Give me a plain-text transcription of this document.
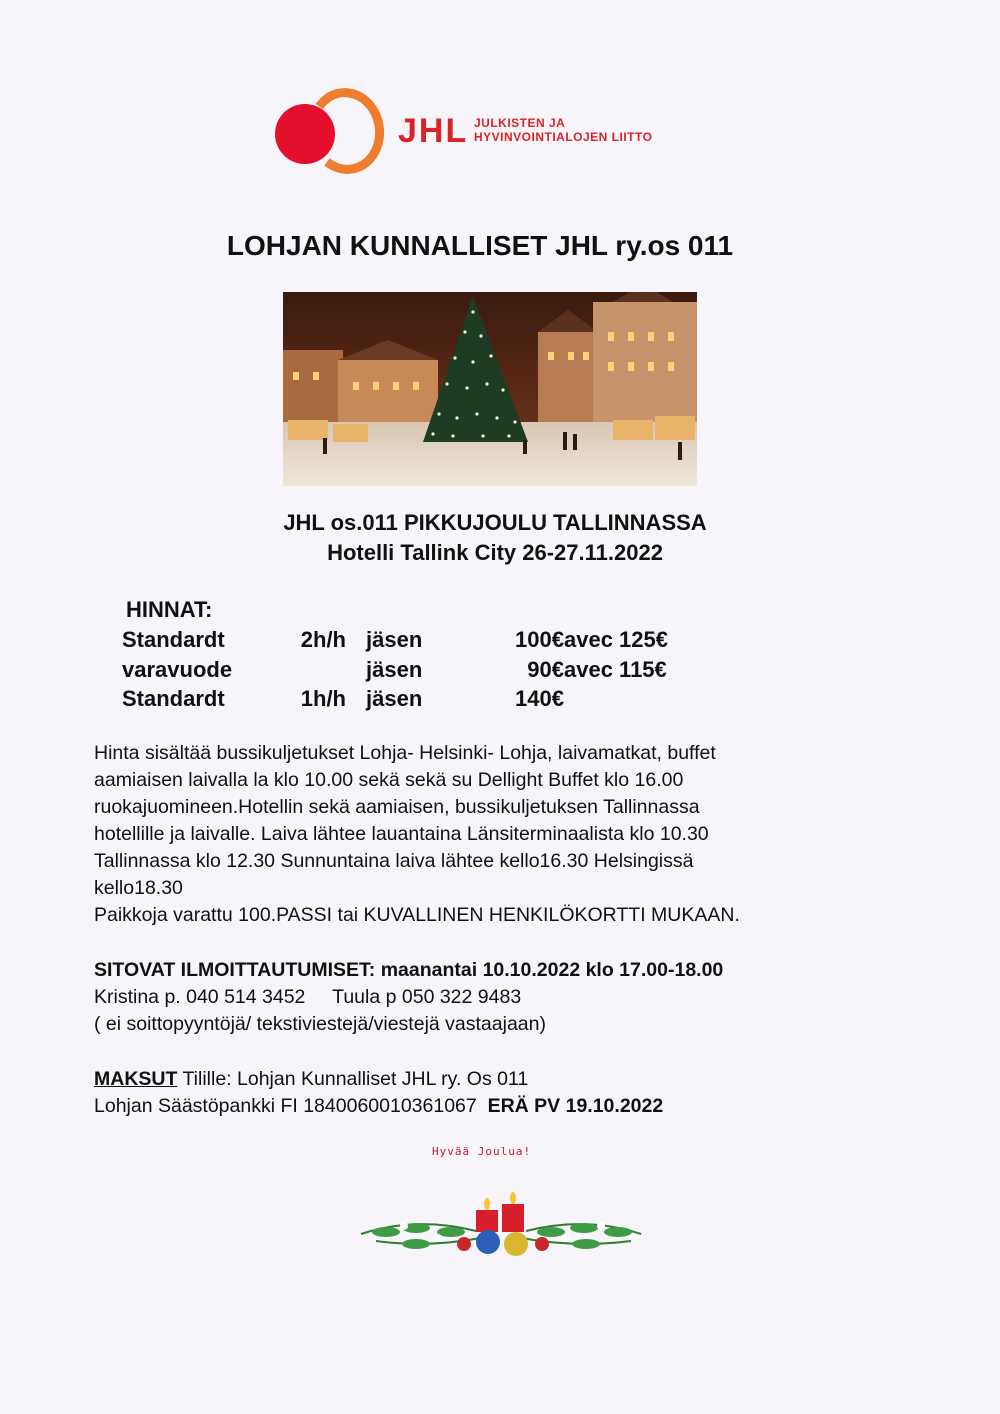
JHL JULKISTEN JA
HYVINVOINTIALOJEN LIITTO
LOHJAN KUNNALLISET JHL ry.os 011
JHL os.011 PIKKUJOULU TALLINNASSA
Hotelli Tallink City 26-27.11.2022
HINNAT:
Standardt	2h/h	jäsen	100€	avec 125€
varavuode		jäsen	90€	avec 115€
Standardt	1h/h	jäsen	140€	
Hinta sisältää bussikuljetukset Lohja- Helsinki- Lohja, laivamatkat, buffet
aamiaisen laivalla la klo 10.00 sekä sekä su Dellight Buffet klo 16.00
ruokajuomineen.Hotellin sekä aamiaisen, bussikuljetuksen Tallinnassa
hotellille ja laivalle. Laiva lähtee lauantaina Länsiterminaalista klo 10.30
Tallinnassa klo 12.30 Sunnuntaina laiva lähtee kello16.30 Helsingissä
kello18.30
Paikkoja varattu 100.PASSI tai KUVALLINEN HENKILÖKORTTI MUKAAN.
SITOVAT ILMOITTAUTUMISET: maanantai 10.10.2022 klo 17.00-18.00
Kristina p. 040 514 3452     Tuula p 050 322 9483
( ei soittopyyntöjä/ tekstiviestejä/viestejä vastaajaan)
MAKSUT Tilille: Lohjan Kunnalliset JHL ry. Os 011
Lohjan Säästöpankki FI 1840060010361067  ERÄ PV 19.10.2022
Hyvää Joulua!
